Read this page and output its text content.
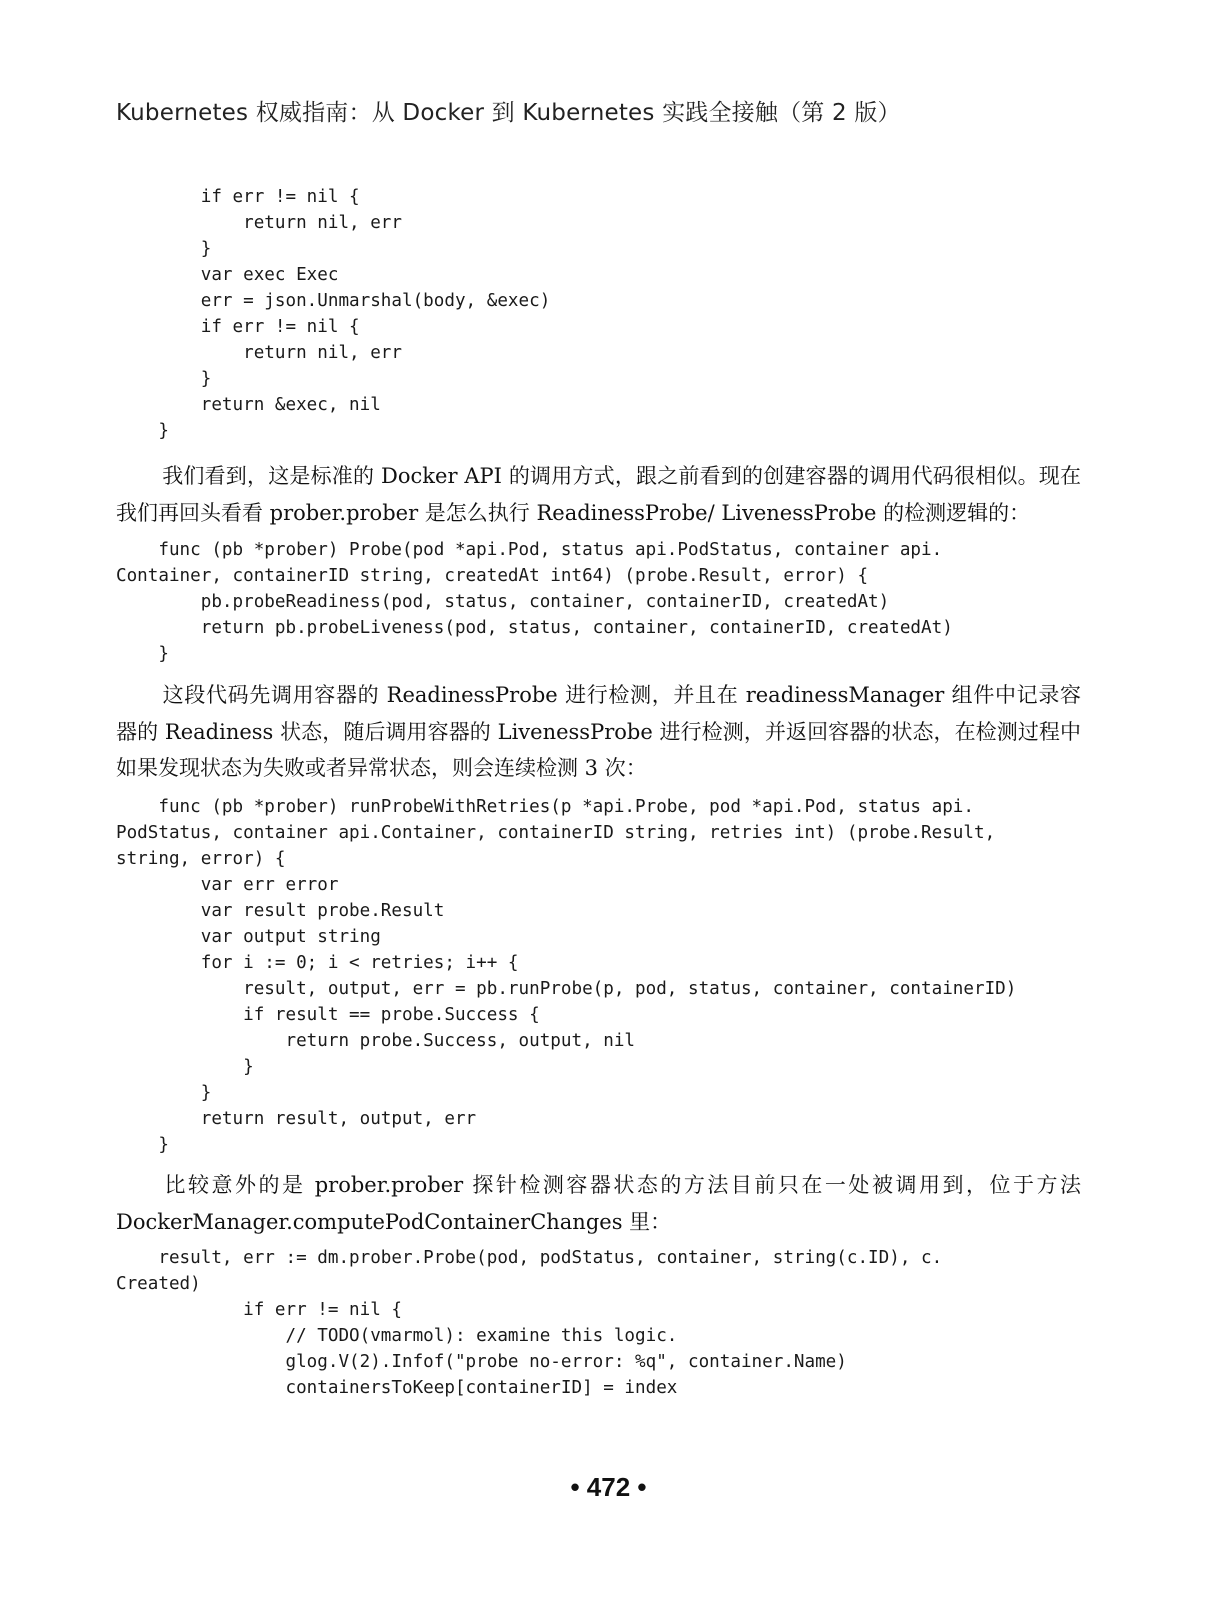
Kubernetes 权威指南：从 Docker 到 Kubernetes 实践全接触（第 2 版）
if err != nil {
return nil, err
}
var exec Exec
err = json.Unmarshal(body, &exec)
if err != nil {
return nil, err
}
return &exec, nil
}

我们看到，这是标准的 Docker API 的调用方式，跟之前看到的创建容器的调用代码很相似。现在我们再回头看看 prober.prober 是怎么执行 ReadinessProbe/ LivenessProbe 的检测逻辑的：

func (pb *prober) Probe(pod *api.Pod, status api.PodStatus, container api.
Container, containerID string, createdAt int64) (probe.Result, error) {
pb.probeReadiness(pod, status, container, containerID, createdAt)
return pb.probeLiveness(pod, status, container, containerID, createdAt)
}

这段代码先调用容器的 ReadinessProbe 进行检测，并且在 readinessManager 组件中记录容器的 Readiness 状态，随后调用容器的 LivenessProbe 进行检测，并返回容器的状态，在检测过程中如果发现状态为失败或者异常状态，则会连续检测 3 次：

func (pb *prober) runProbeWithRetries(p *api.Probe, pod *api.Pod, status api.
PodStatus, container api.Container, containerID string, retries int) (probe.Result,
string, error) {
var err error
var result probe.Result
var output string
for i := 0; i < retries; i++ {
result, output, err = pb.runProbe(p, pod, status, container, containerID)
if result == probe.Success {
return probe.Success, output, nil
}
}
return result, output, err
}

比较意外的是 prober.prober 探针检测容器状态的方法目前只在一处被调用到，位于方法 DockerManager.computePodContainerChanges 里：

result, err := dm.prober.Probe(pod, podStatus, container, string(c.ID), c.
Created)
if err != nil {
// TODO(vmarmol): examine this logic.
glog.V(2).Infof("probe no-error: %q", container.Name)
containersToKeep[containerID] = index
• 472 •
